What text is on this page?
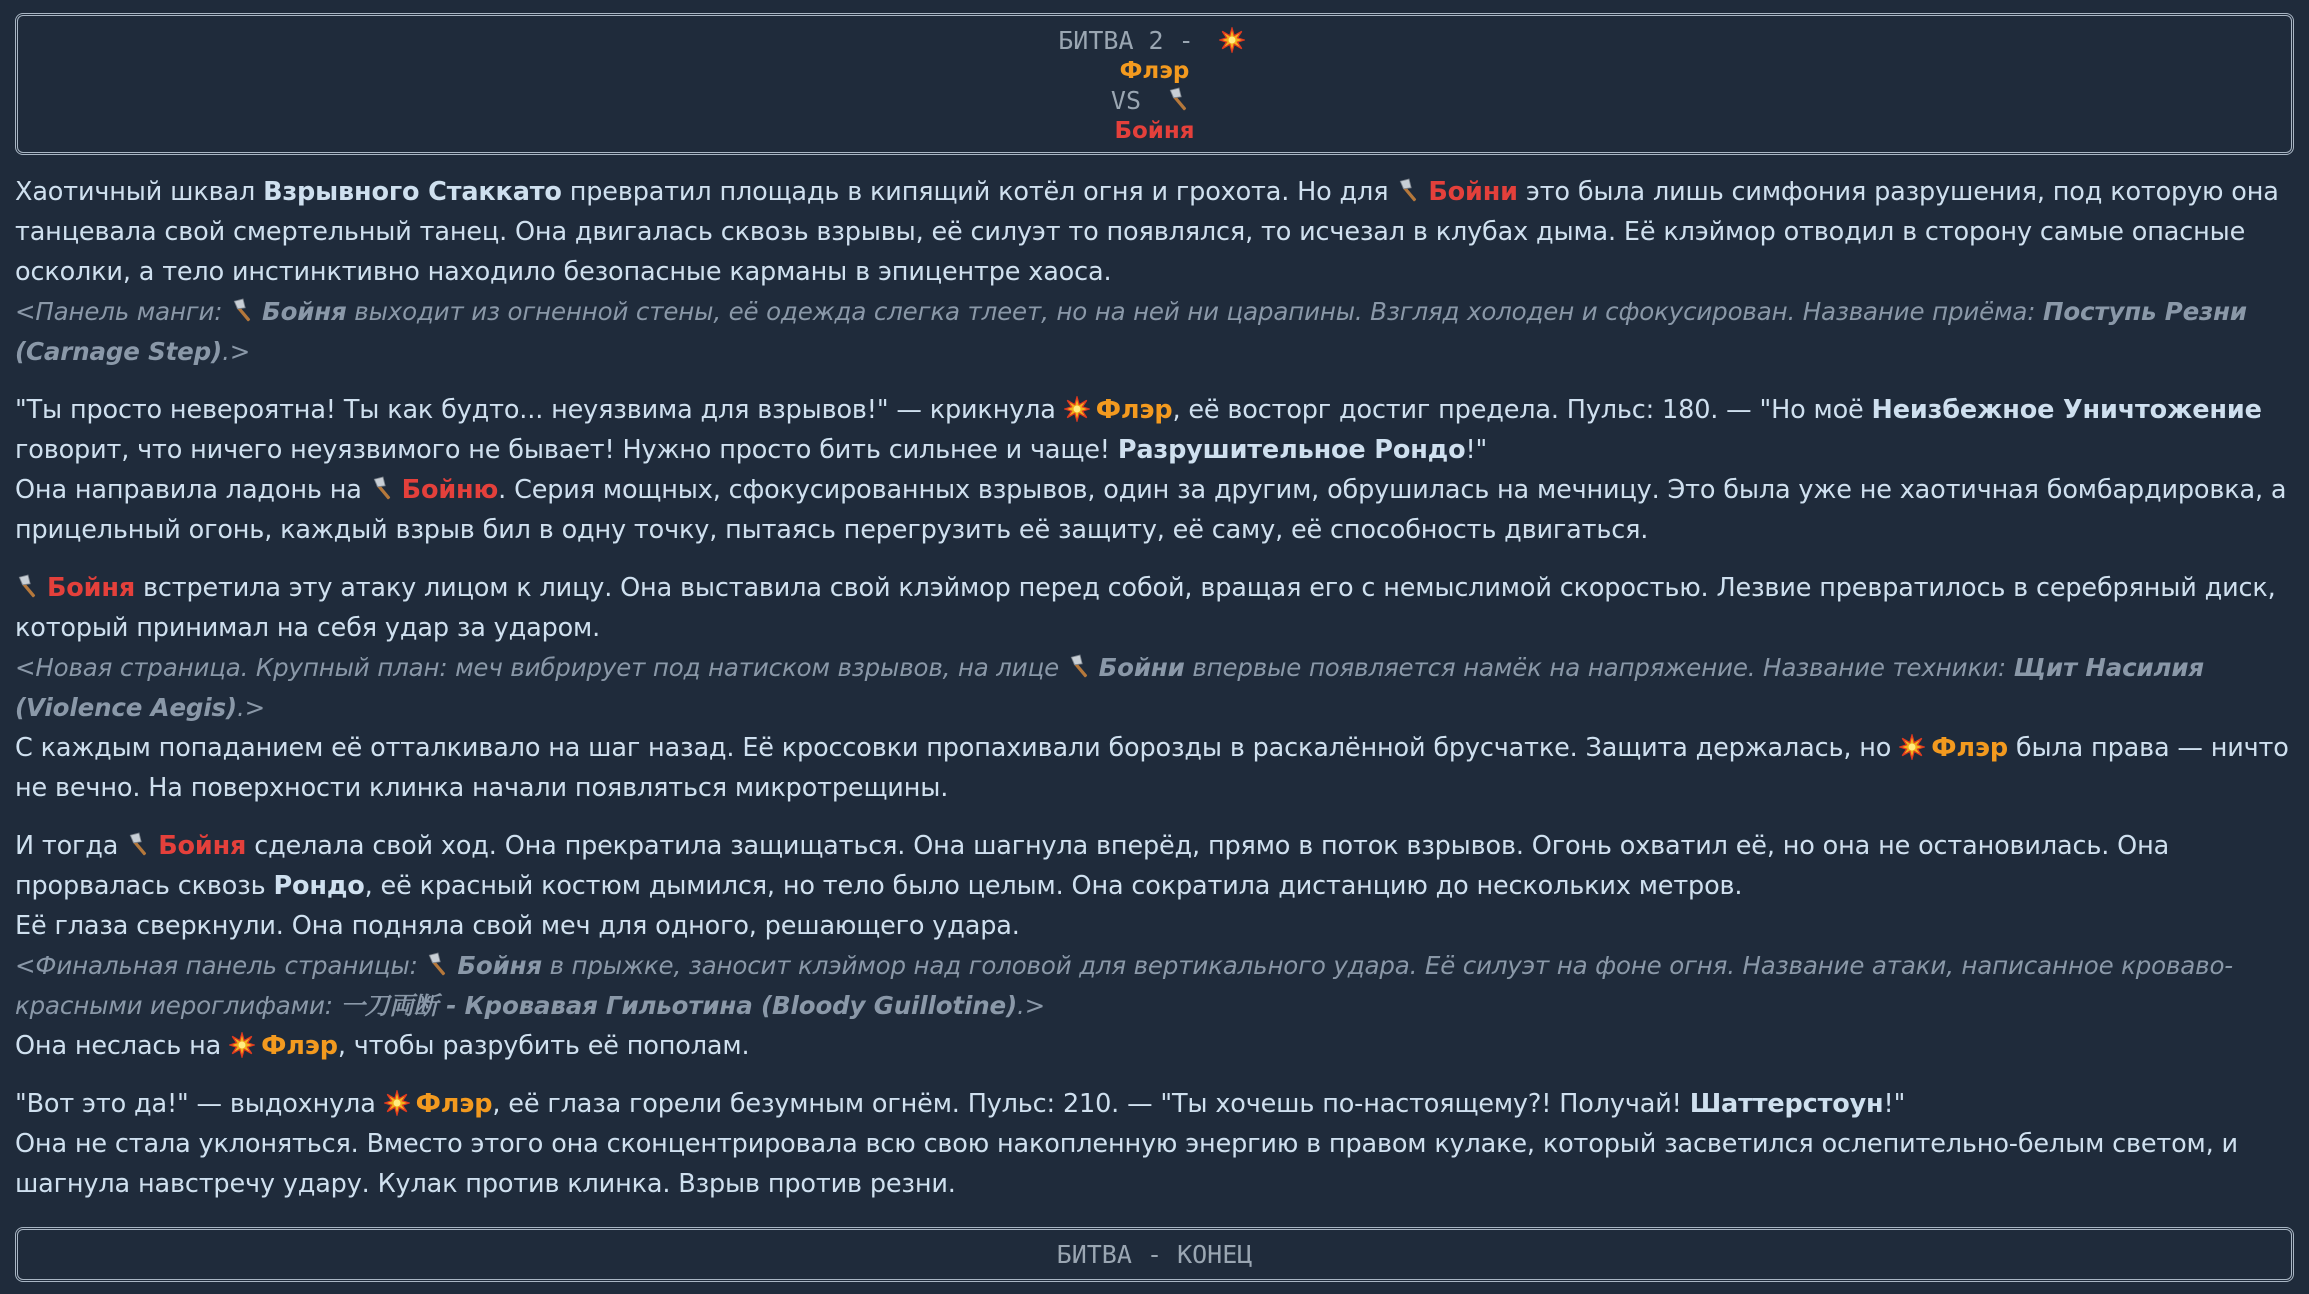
БИТВА 2 -
Флэр
VS
Бойня
Хаотичный шквал Взрывного Стаккато превратил площадь в кипящий котёл огня и грохота. Но для
Бойни это была лишь симфония разрушения, под которую она танцевала свой смертельный танец. Она двигалась сквозь взрывы, её силуэт то появлялся, то исчезал в клубах дыма. Её клэймор отводил в сторону самые опасные осколки, а тело инстинктивно находило безопасные карманы в эпицентре хаоса.
<Панель манги:
Бойня выходит из огненной стены, её одежда слегка тлеет, но на ней ни царапины. Взгляд холоден и сфокусирован. Название приёма: Поступь Резни (Carnage Step).>
"Ты просто невероятна! Ты как будто... неуязвима для взрывов!" — крикнула
Флэр, её восторг достиг предела. Пульс: 180. — "Но моё Неизбежное Уничтожение говорит, что ничего неуязвимого не бывает! Нужно просто бить сильнее и чаще! Разрушительное Рондо!"
Она направила ладонь на
Бойню. Серия мощных, сфокусированных взрывов, один за другим, обрушилась на мечницу. Это была уже не хаотичная бомбардировка, а прицельный огонь, каждый взрыв бил в одну точку, пытаясь перегрузить её защиту, её саму, её способность двигаться.
Бойня встретила эту атаку лицом к лицу. Она выставила свой клэймор перед собой, вращая его с немыслимой скоростью. Лезвие превратилось в серебряный диск, который принимал на себя удар за ударом.
<Новая страница. Крупный план: меч вибрирует под натиском взрывов, на лице
Бойни впервые появляется намёк на напряжение. Название техники: Щит Насилия (Violence Aegis).>
С каждым попаданием её отталкивало на шаг назад. Её кроссовки пропахивали борозды в раскалённой брусчатке. Защита держалась, но
Флэр была права — ничто не вечно. На поверхности клинка начали появляться микротрещины.
И тогда
Бойня сделала свой ход. Она прекратила защищаться. Она шагнула вперёд, прямо в поток взрывов. Огонь охватил её, но она не остановилась. Она прорвалась сквозь Рондо, её красный костюм дымился, но тело было целым. Она сократила дистанцию до нескольких метров.
Её глаза сверкнули. Она подняла свой меч для одного, решающего удара.
<Финальная панель страницы:
Бойня в прыжке, заносит клэймор над головой для вертикального удара. Её силуэт на фоне огня. Название атаки, написанное кроваво-красными иероглифами: 一刀両断 - Кровавая Гильотина (Bloody Guillotine).>
Она неслась на
Флэр, чтобы разрубить её пополам.
"Вот это да!" — выдохнула
Флэр, её глаза горели безумным огнём. Пульс: 210. — "Ты хочешь по-настоящему?! Получай! Шаттерстоун!"
Она не стала уклоняться. Вместо этого она сконцентрировала всю свою накопленную энергию в правом кулаке, который засветился ослепительно-белым светом, и шагнула навстречу удару. Кулак против клинка. Взрыв против резни.
БИТВА - КОНЕЦ
